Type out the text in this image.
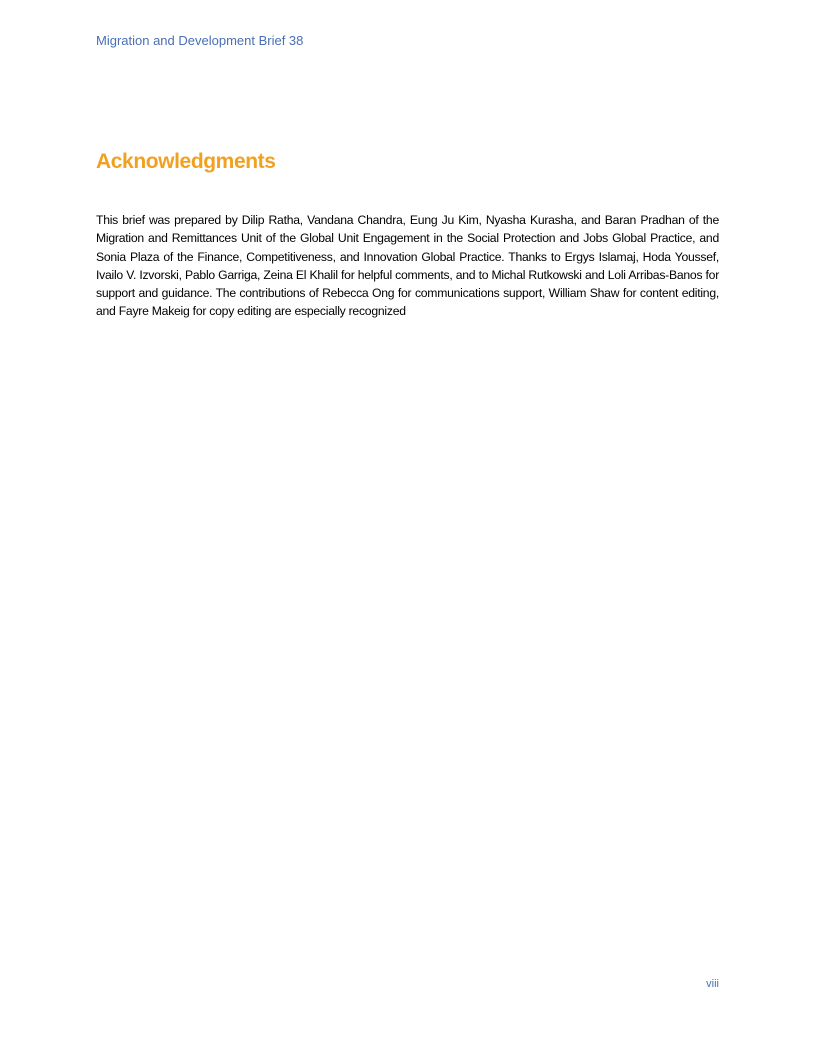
Migration and Development Brief 38
Acknowledgments

This brief was prepared by Dilip Ratha, Vandana Chandra, Eung Ju Kim, Nyasha Kurasha, and Baran Pradhan of the Migration and Remittances Unit of the Global Unit Engagement in the Social Protection and Jobs Global Practice, and Sonia Plaza of the Finance, Competitiveness, and Innovation Global Practice. Thanks to Ergys Islamaj, Hoda Youssef, Ivailo V. Izvorski, Pablo Garriga, Zeina El Khalil for helpful comments, and to Michal Rutkowski and Loli Arribas-Banos for support and guidance. The contributions of Rebecca Ong for communications support, William Shaw for content editing, and Fayre Makeig for copy editing are especially recognized

viii
